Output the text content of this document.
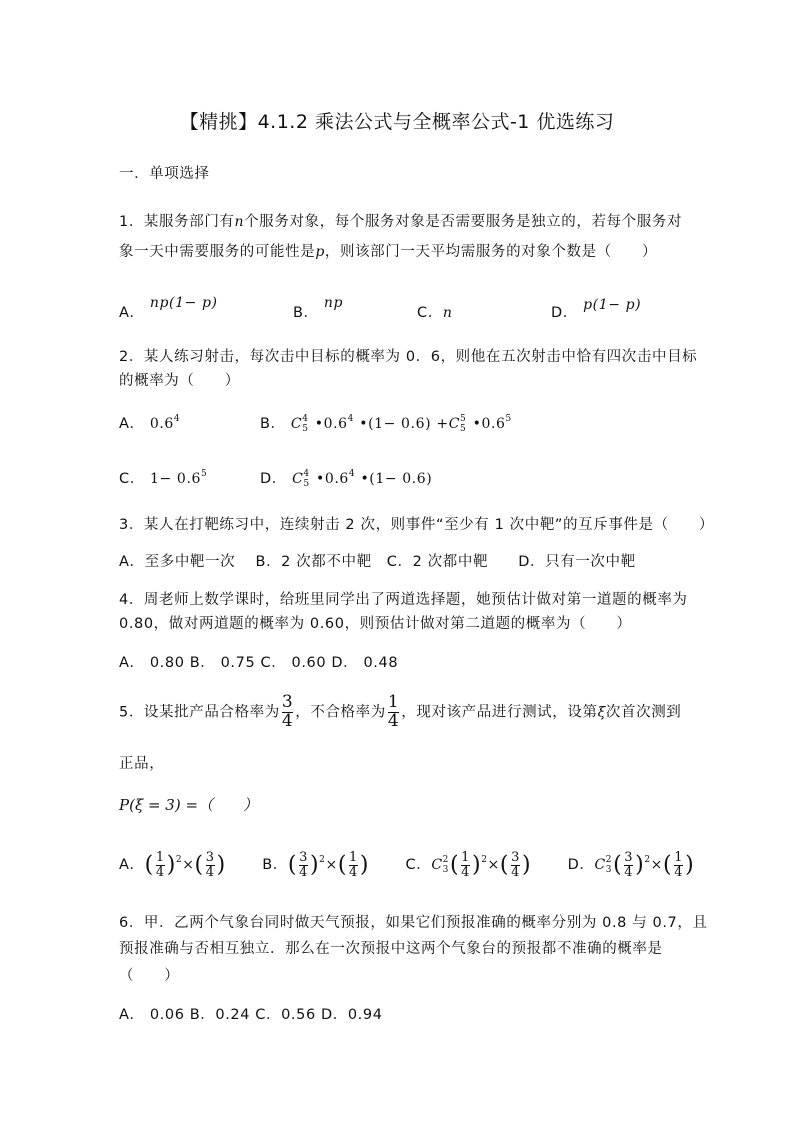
【精挑】4.1.2 乘法公式与全概率公式-1 优选练习
一．单项选择
1．某服务部门有n个服务对象，每个服务对象是否需要服务是独立的，若每个服务对
象一天中需要服务的可能性是p，则该部门一天平均需服务的对象个数是（　　）
A． np(1− p)
B． np
C．n	D． p(1− p)
2．某人练习射击，每次击中目标的概率为 0．6，则他在五次射击中恰有四次击中目标
的概率为（　　）
A． $0.6^4$	B． C 4
5 $•0.6^4$ •(1− 0.6) +C 5
5 $•0.6^5$
C． $1- 0.6^5$	D． C 4
5 $•0.6^4$ •(1− 0.6)
3．某人在打靶练习中，连续射击 2 次，则事件“至少有 1 次中靶”的互斥事件是（　　）
A．至多中靶一次　 B．2 次都不中靶　C．2 次都中靶　　D．只有一次中靶
4．周老师上数学课时，给班里同学出了两道选择题，她预估计做对第一道题的概率为
0.80，做对两道题的概率为 0.60，则预估计做对第二道题的概率为（　　）
A． 0.80 B． 0.75 C． 0.60 D． 0.48
5．设某批产品合格率为 $\frac{3}{4}$ ，不合格率为 $\frac{1}{4}$ ，现对该产品进行测试，设第ξ次首次测到
正品，
P(ξ = 3) =（　　）
A．( $\frac{1}{4} )^2\times( \frac{3}{4}$ )	B．( $\frac{3}{4} )^2\times( \frac{1}{4}$ )	C．C 2
3 ( $\frac{1}{4} )^2\times( \frac{3}{4}$ )	D．C 2
3 ( $\frac{3}{4} )^2\times( \frac{1}{4}$ )
6．甲．乙两个气象台同时做天气预报，如果它们预报准确的概率分别为 0.8 与 0.7，且
预报准确与否相互独立．那么在一次预报中这两个气象台的预报都不准确的概率是
（　　）
A． 0.06 B．0.24 C．0.56 D．0.94
